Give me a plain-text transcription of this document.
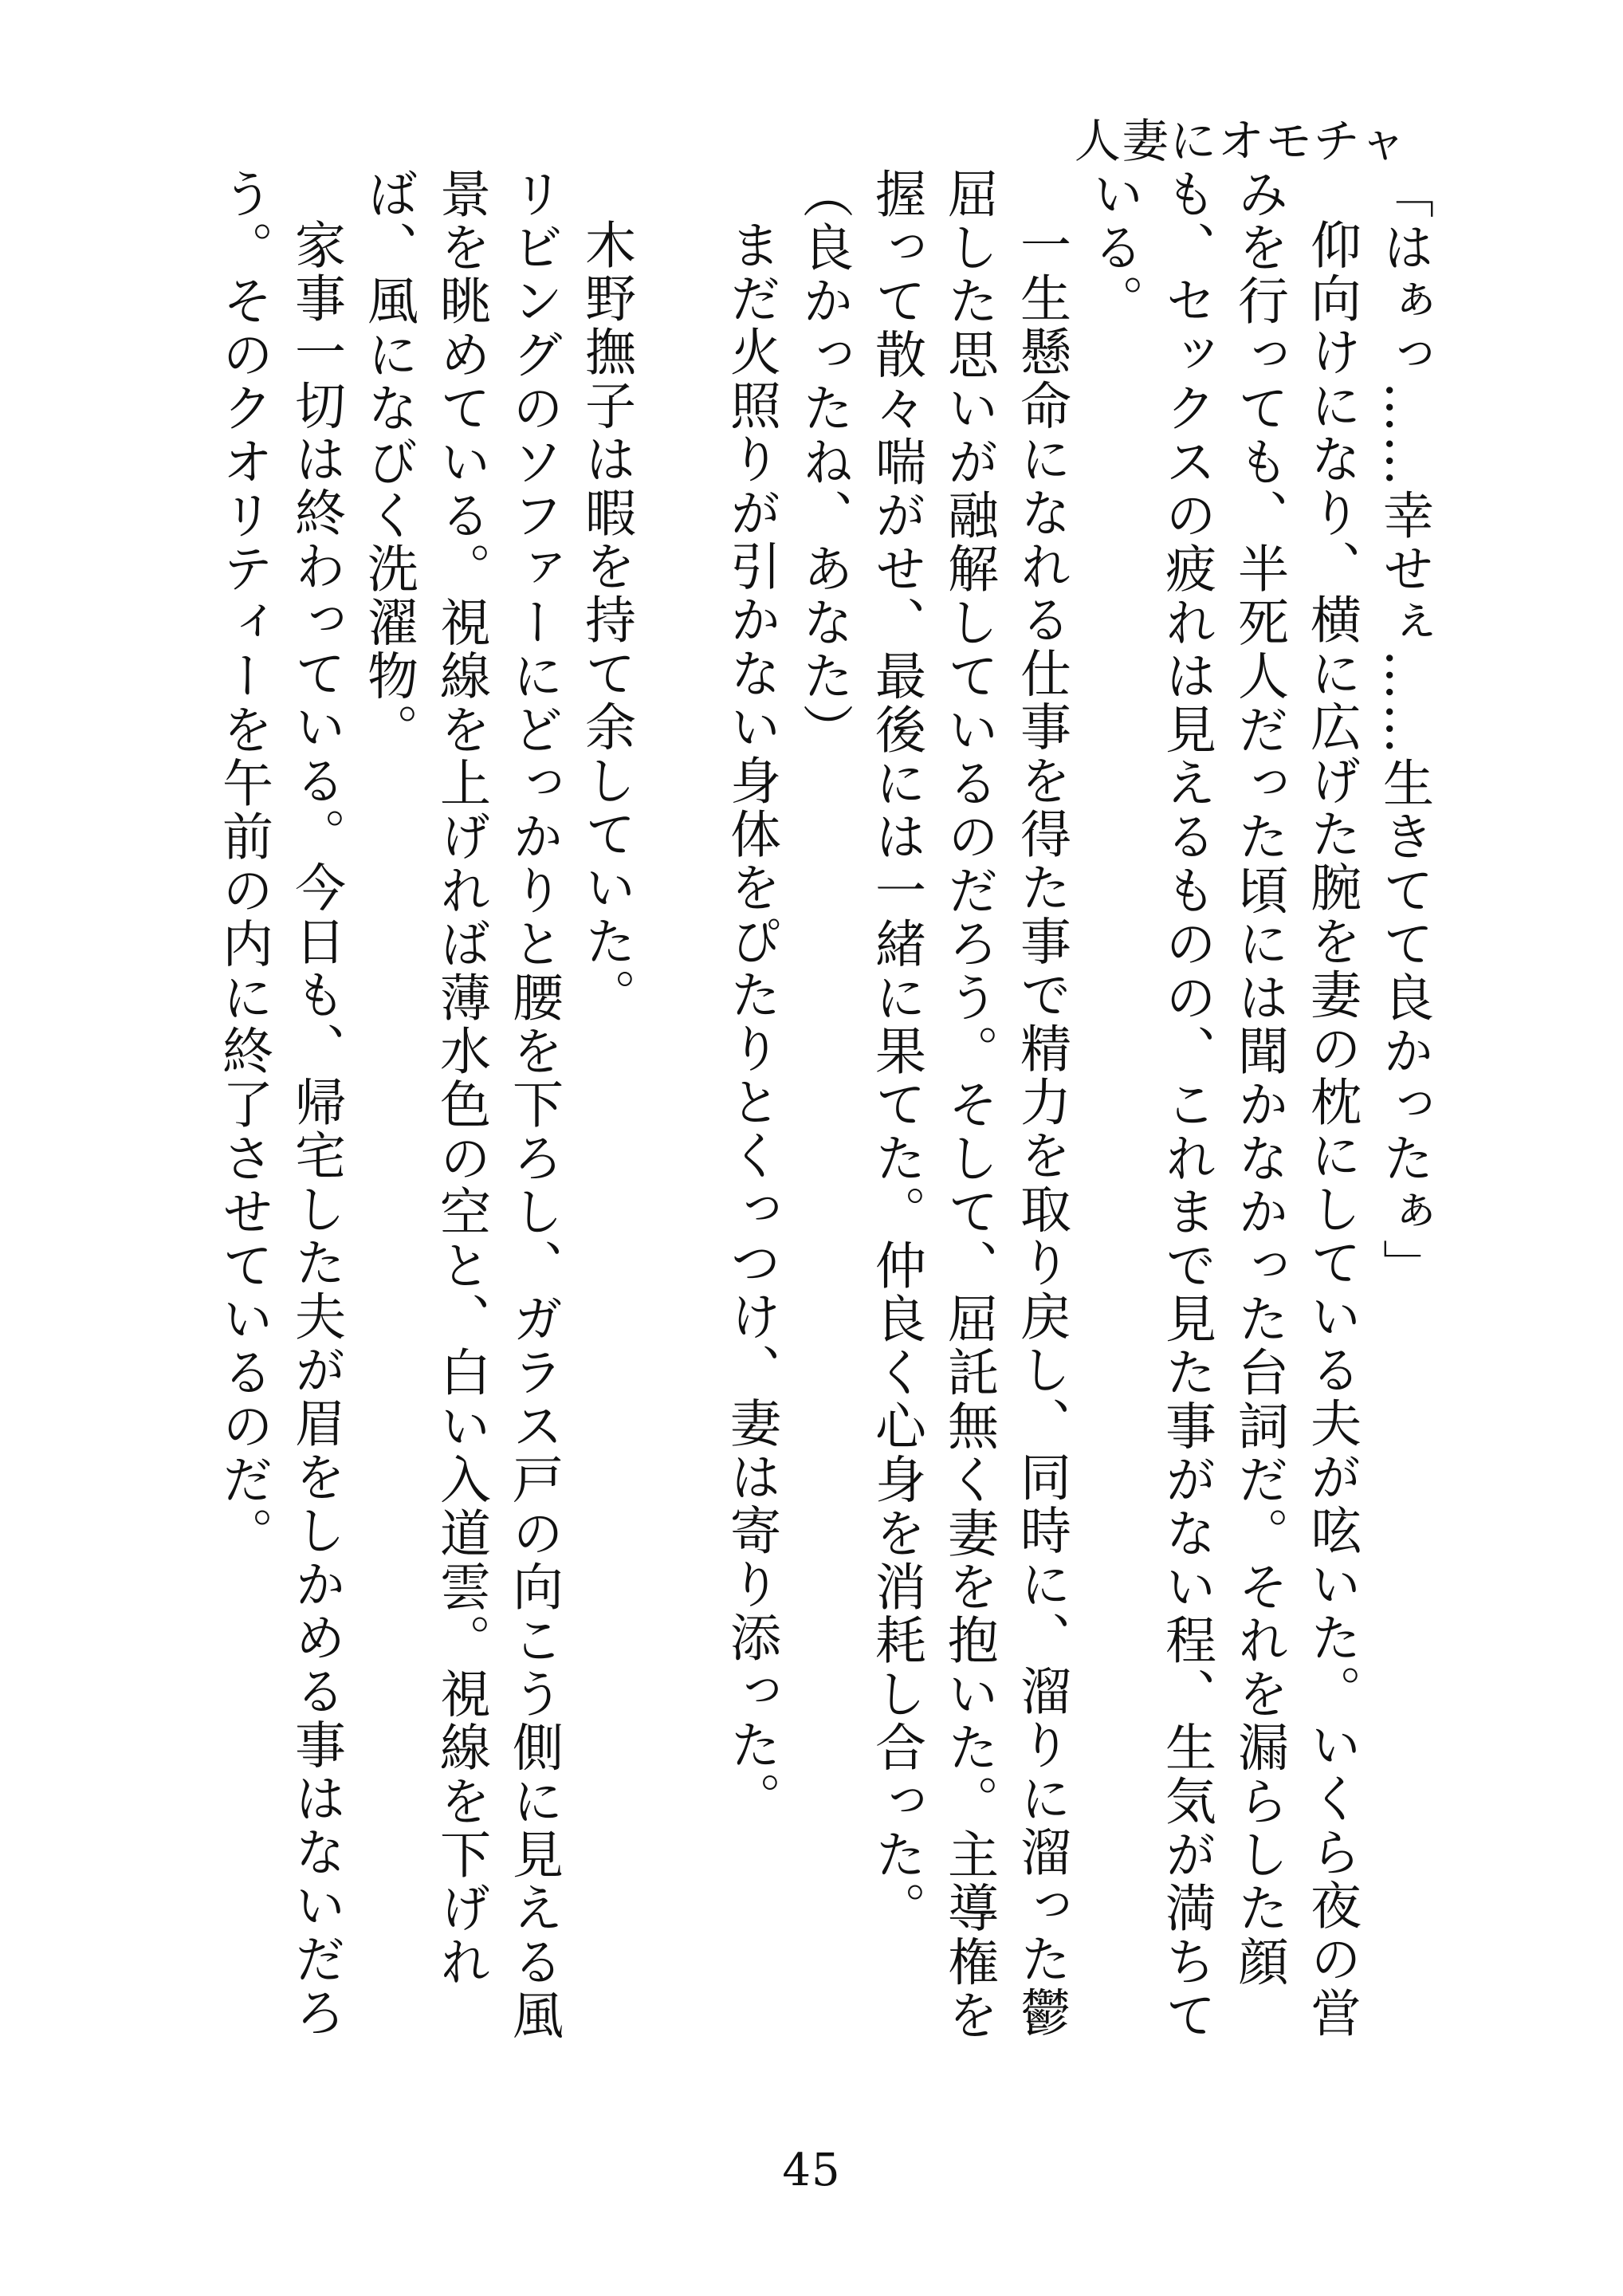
人妻にオモチャ

「はぁっ……幸せぇ……生きてて良かったぁ」

仰向けになり、横に広げた腕を妻の枕にしている夫が呟いた。いくら夜の営みを行っても、半死人だった頃には聞かなかった台詞だ。それを漏らした顔も、セックスの疲れは見えるものの、これまで見た事がない程、生気が満ちている。

一生懸命になれる仕事を得た事で精力を取り戻し、同時に、溜りに溜った鬱屈した思いが融解しているのだろう。そして、屈託無く妻を抱いた。主導権を握って散々喘がせ、最後には一緒に果てた。仲良く心身を消耗し合った。

（良かったね、あなた）

まだ火照りが引かない身体をぴたりとくっつけ、妻は寄り添った。

木野撫子は暇を持て余していた。

リビングのソファーにどっかりと腰を下ろし、ガラス戸の向こう側に見える風景を眺めている。視線を上げれば薄水色の空と、白い入道雲。視線を下げれば、風になびく洗濯物。

家事一切は終わっている。今日も、帰宅した夫が眉をしかめる事はないだろう。そのクオリティーを午前の内に終了させているのだ。

45
